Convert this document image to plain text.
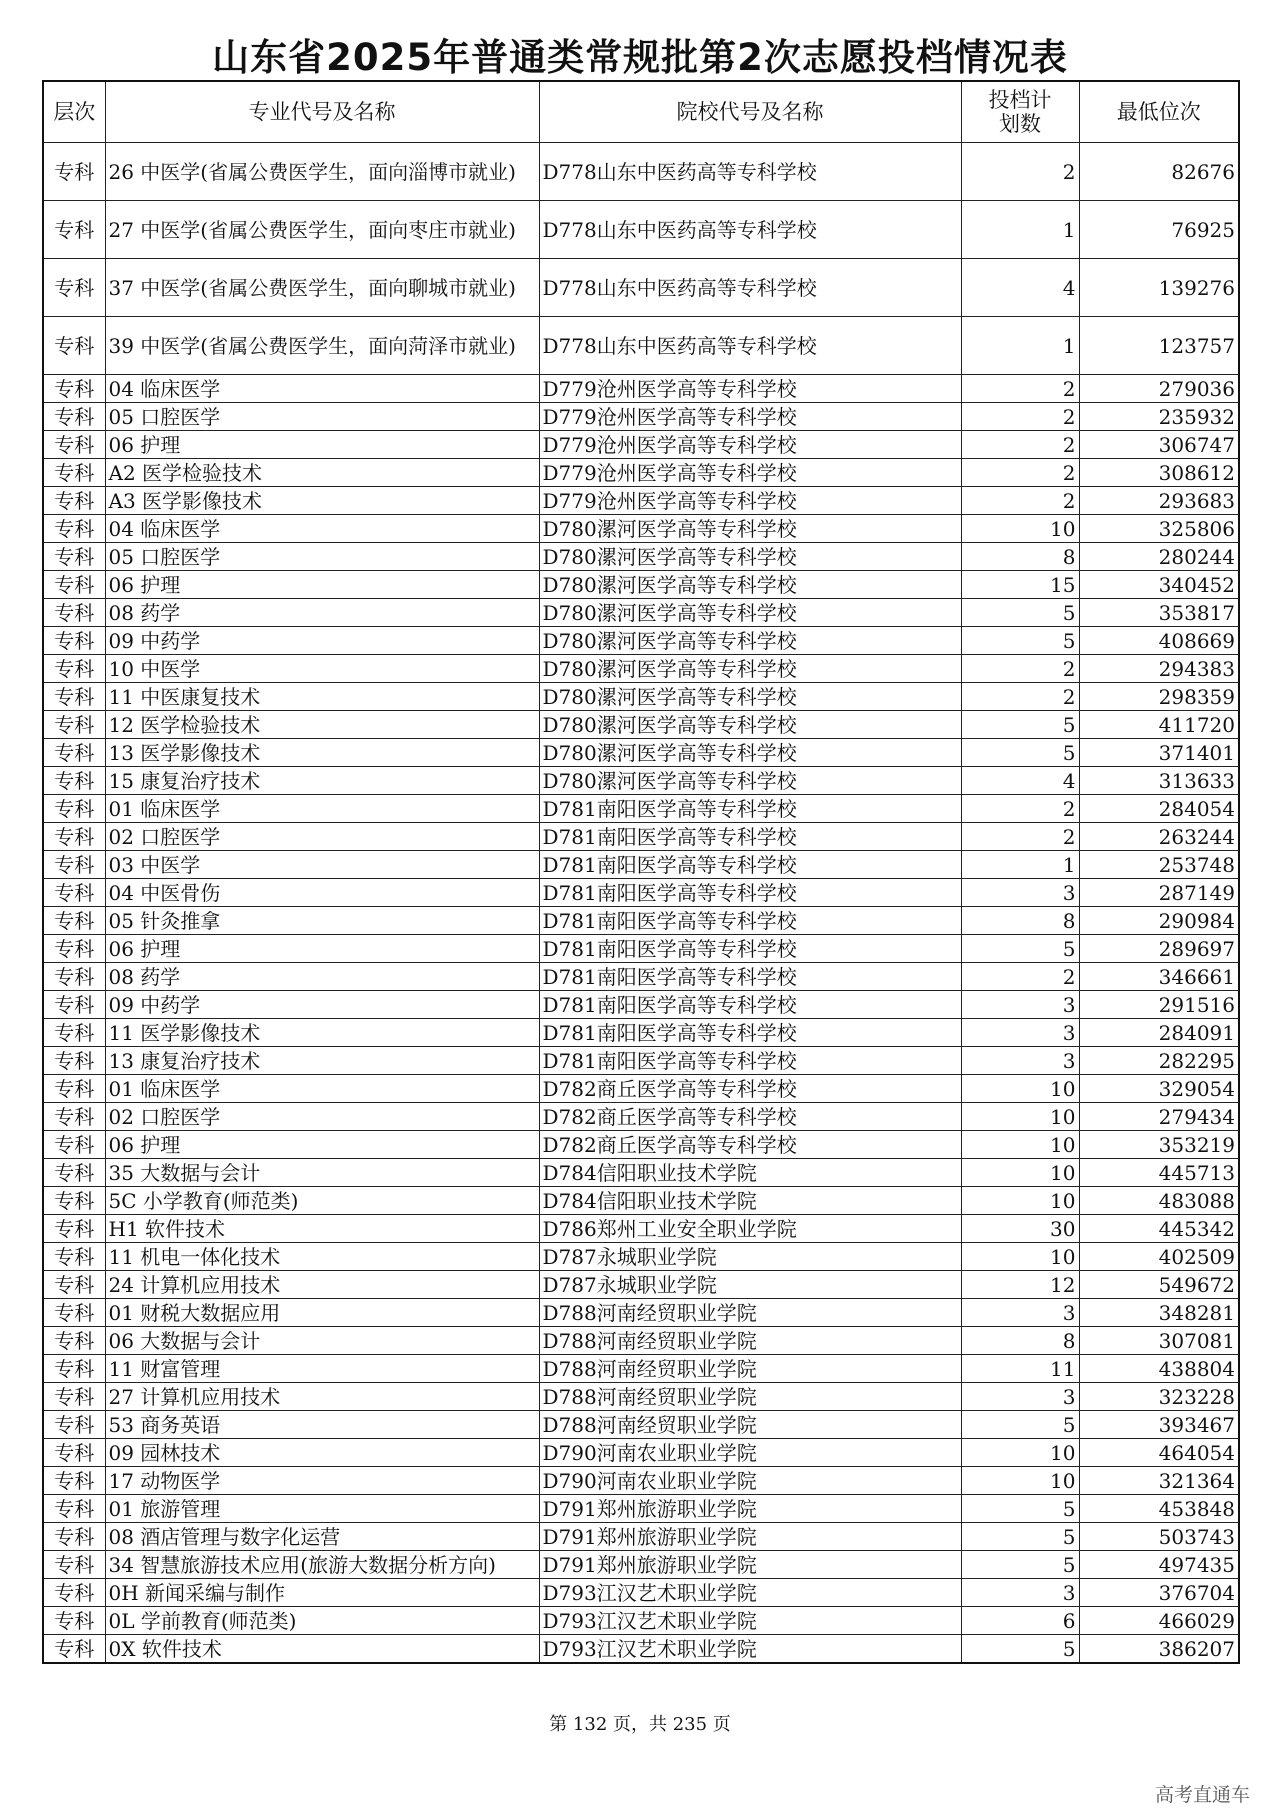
山东省2025年普通类常规批第2次志愿投档情况表
层次	专业代号及名称	院校代号及名称	投档计划数	最低位次
专科	26 中医学(省属公费医学生，面向淄博市就业)	D778山东中医药高等专科学校	2	82676
专科	27 中医学(省属公费医学生，面向枣庄市就业)	D778山东中医药高等专科学校	1	76925
专科	37 中医学(省属公费医学生，面向聊城市就业)	D778山东中医药高等专科学校	4	139276
专科	39 中医学(省属公费医学生，面向菏泽市就业)	D778山东中医药高等专科学校	1	123757
专科	04 临床医学	D779沧州医学高等专科学校	2	279036
专科	05 口腔医学	D779沧州医学高等专科学校	2	235932
专科	06 护理	D779沧州医学高等专科学校	2	306747
专科	A2 医学检验技术	D779沧州医学高等专科学校	2	308612
专科	A3 医学影像技术	D779沧州医学高等专科学校	2	293683
专科	04 临床医学	D780漯河医学高等专科学校	10	325806
专科	05 口腔医学	D780漯河医学高等专科学校	8	280244
专科	06 护理	D780漯河医学高等专科学校	15	340452
专科	08 药学	D780漯河医学高等专科学校	5	353817
专科	09 中药学	D780漯河医学高等专科学校	5	408669
专科	10 中医学	D780漯河医学高等专科学校	2	294383
专科	11 中医康复技术	D780漯河医学高等专科学校	2	298359
专科	12 医学检验技术	D780漯河医学高等专科学校	5	411720
专科	13 医学影像技术	D780漯河医学高等专科学校	5	371401
专科	15 康复治疗技术	D780漯河医学高等专科学校	4	313633
专科	01 临床医学	D781南阳医学高等专科学校	2	284054
专科	02 口腔医学	D781南阳医学高等专科学校	2	263244
专科	03 中医学	D781南阳医学高等专科学校	1	253748
专科	04 中医骨伤	D781南阳医学高等专科学校	3	287149
专科	05 针灸推拿	D781南阳医学高等专科学校	8	290984
专科	06 护理	D781南阳医学高等专科学校	5	289697
专科	08 药学	D781南阳医学高等专科学校	2	346661
专科	09 中药学	D781南阳医学高等专科学校	3	291516
专科	11 医学影像技术	D781南阳医学高等专科学校	3	284091
专科	13 康复治疗技术	D781南阳医学高等专科学校	3	282295
专科	01 临床医学	D782商丘医学高等专科学校	10	329054
专科	02 口腔医学	D782商丘医学高等专科学校	10	279434
专科	06 护理	D782商丘医学高等专科学校	10	353219
专科	35 大数据与会计	D784信阳职业技术学院	10	445713
专科	5C 小学教育(师范类)	D784信阳职业技术学院	10	483088
专科	H1 软件技术	D786郑州工业安全职业学院	30	445342
专科	11 机电一体化技术	D787永城职业学院	10	402509
专科	24 计算机应用技术	D787永城职业学院	12	549672
专科	01 财税大数据应用	D788河南经贸职业学院	3	348281
专科	06 大数据与会计	D788河南经贸职业学院	8	307081
专科	11 财富管理	D788河南经贸职业学院	11	438804
专科	27 计算机应用技术	D788河南经贸职业学院	3	323228
专科	53 商务英语	D788河南经贸职业学院	5	393467
专科	09 园林技术	D790河南农业职业学院	10	464054
专科	17 动物医学	D790河南农业职业学院	10	321364
专科	01 旅游管理	D791郑州旅游职业学院	5	453848
专科	08 酒店管理与数字化运营	D791郑州旅游职业学院	5	503743
专科	34 智慧旅游技术应用(旅游大数据分析方向)	D791郑州旅游职业学院	5	497435
专科	0H 新闻采编与制作	D793江汉艺术职业学院	3	376704
专科	0L 学前教育(师范类)	D793江汉艺术职业学院	6	466029
专科	0X 软件技术	D793江汉艺术职业学院	5	386207
第 132 页，共 235 页
高考直通车
